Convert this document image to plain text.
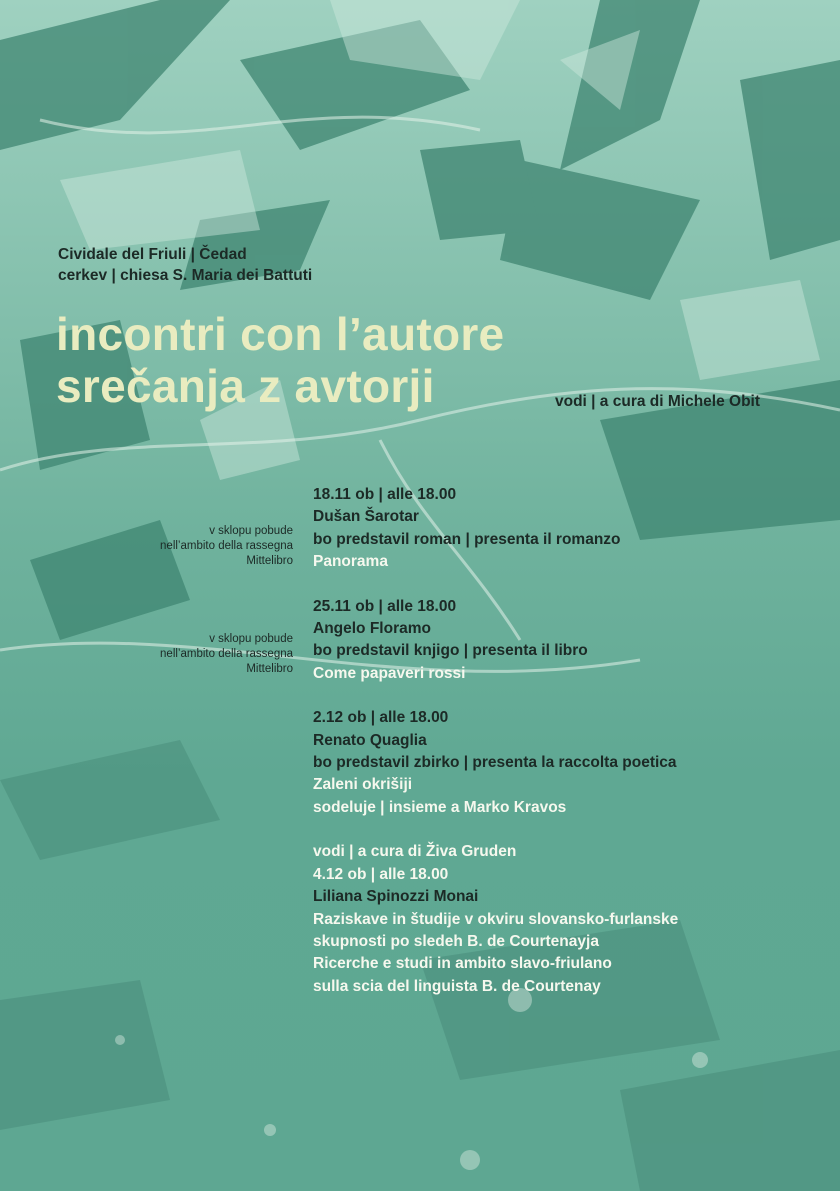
Cividale del Friuli | Čedad
cerkev | chiesa S. Maria dei Battuti
incontri con l’autore
srečanja z avtorji	vodi | a cura di Michele Obit
v sklopu pobude
nell’ambito della rassegna
Mittelibro
v sklopu pobude
nell’ambito della rassegna
Mittelibro
18.11 ob | alle 18.00
Dušan Šarotar
bo predstavil roman | presenta il romanzo
Panorama
25.11 ob | alle 18.00
Angelo Floramo
bo predstavil knjigo | presenta il libro
Come papaveri rossi
2.12 ob | alle 18.00
Renato Quaglia
bo predstavil zbirko | presenta la raccolta poetica
Zaleni okrišiji
sodeluje | insieme a Marko Kravos
vodi | a cura di Živa Gruden
4.12 ob | alle 18.00
Liliana Spinozzi Monai
Raziskave in študije v okviru slovansko-furlanske
skupnosti po sledeh B. de Courtenayja
Ricerche e studi in ambito slavo-friulano
sulla scia del linguista B. de Courtenay
